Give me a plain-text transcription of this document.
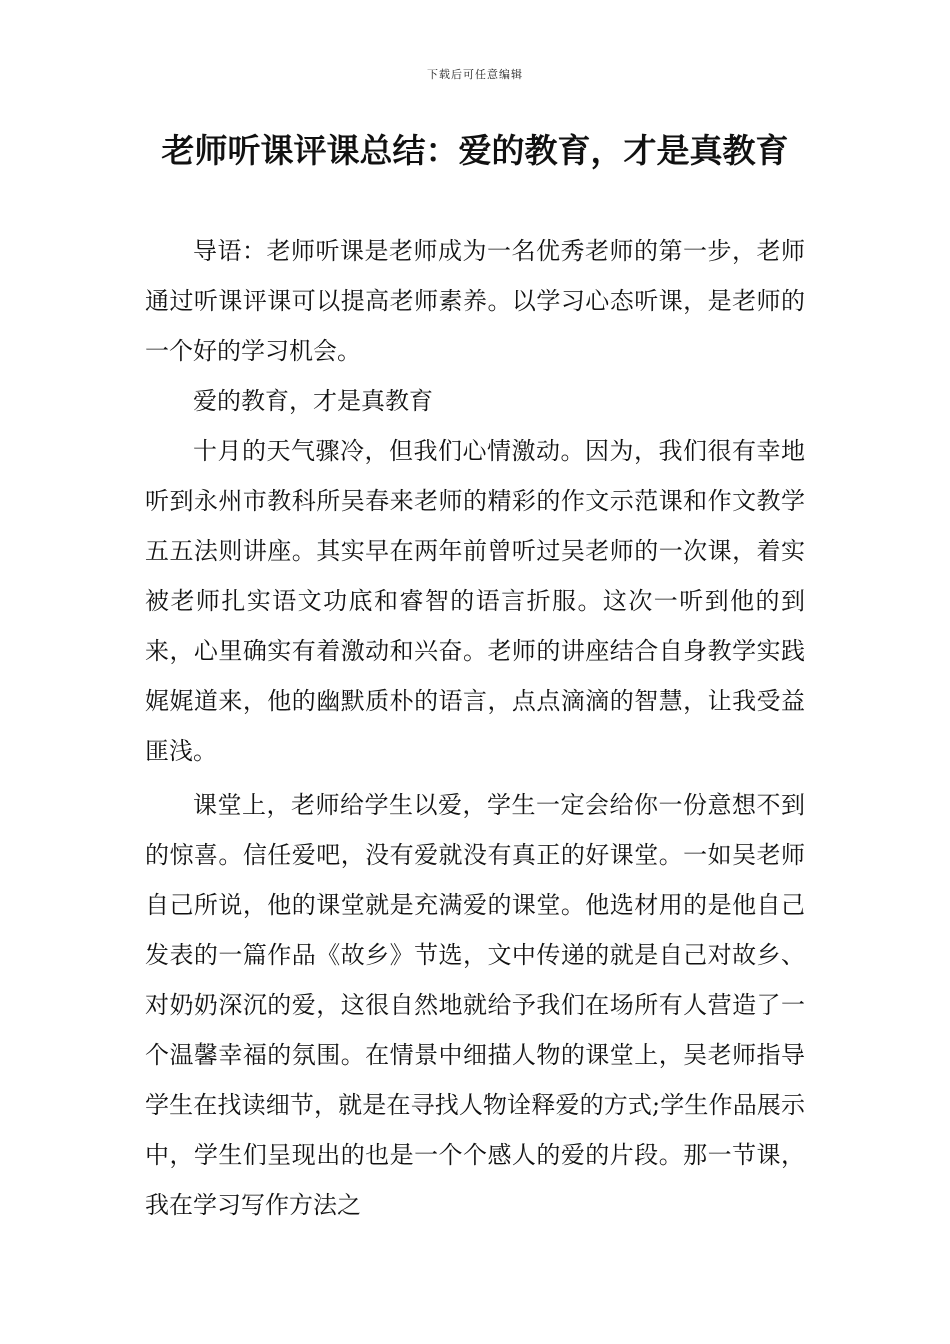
下载后可任意编辑
老师听课评课总结：爱的教育，才是真教育

导语：老师听课是老师成为一名优秀老师的第一步，老师通过听课评课可以提高老师素养。以学习心态听课，是老师的一个好的学习机会。

爱的教育，才是真教育

十月的天气骤冷，但我们心情激动。因为，我们很有幸地听到永州市教科所吴春来老师的精彩的作文示范课和作文教学五五法则讲座。其实早在两年前曾听过吴老师的一次课，着实被老师扎实语文功底和睿智的语言折服。这次一听到他的到来，心里确实有着激动和兴奋。老师的讲座结合自身教学实践娓娓道来，他的幽默质朴的语言，点点滴滴的智慧，让我受益匪浅。

课堂上，老师给学生以爱，学生一定会给你一份意想不到的惊喜。信任爱吧，没有爱就没有真正的好课堂。一如吴老师自己所说，他的课堂就是充满爱的课堂。他选材用的是他自己发表的一篇作品《故乡》节选，文中传递的就是自己对故乡、对奶奶深沉的爱，这很自然地就给予我们在场所有人营造了一个温馨幸福的氛围。在情景中细描人物的课堂上，吴老师指导学生在找读细节，就是在寻找人物诠释爱的方式;学生作品展示中，学生们呈现出的也是一个个感人的爱的片段。那一节课，我在学习写作方法之
